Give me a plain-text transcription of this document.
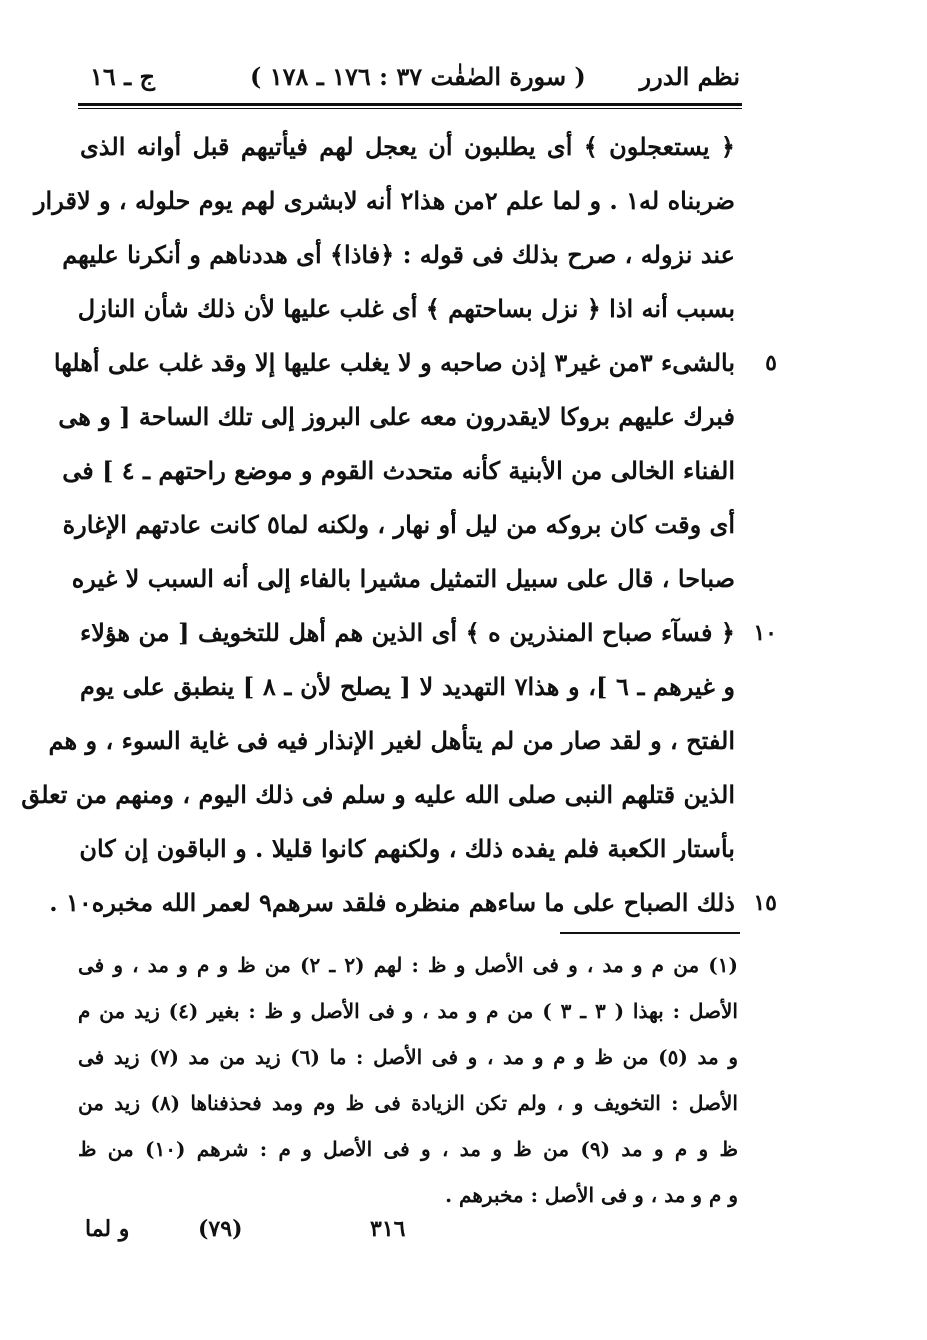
نظم الدرر
( سورة الصٰفٰت ٣٧ : ١٧٦ ـ ١٧٨ )
ج ـ ١٦
﴿ يستعجلون ﴾ أى يطلبون أن يعجل لهم فيأتيهم قبل أوانه الذى
ضربناه له١ . و لما علم ٢من هذا٢ أنه لابشرى لهم يوم حلوله ، و لاقرار
عند نزوله ، صرح بذلك فى قوله : ﴿فاذا﴾ أى هددناهم و أنكرنا عليهم
بسبب أنه اذا ﴿ نزل بساحتهم ﴾ أى غلب عليها لأن ذلك شأن النازل
بالشىء ٣من غير٣ إذن صاحبه و لا يغلب عليها إلا وقد غلب على أهلها ٥
فبرك عليهم بروكا لايقدرون معه على البروز إلى تلك الساحة [ و هى
الفناء الخالى من الأبنية كأنه متحدث القوم و موضع راحتهم ـ ٤ ] فى
أى وقت كان بروكه من ليل أو نهار ، ولكنه لما٥ كانت عادتهم الإغارة
صباحا ، قال على سبيل التمثيل مشيرا بالفاء إلى أنه السبب لا غيره
﴿ فسآء صباح المنذرين ه ﴾ أى الذين هم أهل للتخويف [ من هؤلاء ١٠
و غيرهم ـ ٦ ]، و هذا٧ التهديد لا [ يصلح لأن ـ ٨ ] ينطبق على يوم
الفتح ، و لقد صار من لم يتأهل لغير الإنذار فيه فى غاية السوء ، و هم
الذين قتلهم النبى صلى الله عليه و سلم فى ذلك اليوم ، ومنهم من تعلق
بأستار الكعبة فلم يفده ذلك ، ولكنهم كانوا قليلا . و الباقون إن كان
ذلك الصباح على ما ساءهم منظره فلقد سرهم٩ لعمر الله مخبره١٠ . ١٥
(١) من م و مد ، و فى الأصل و ظ : لهم (٢ ـ ٢) من ظ و م و مد ، و فى
الأصل : بهذا ( ٣ ـ ٣ ) من م و مد ، و فى الأصل و ظ : بغير (٤) زيد من م
و مد (٥) من ظ و م و مد ، و فى الأصل : ما (٦) زيد من مد (٧) زيد فى
الأصل : التخويف و ، ولم تكن الزيادة فى ظ وم ومد فحذفناها (٨) زيد من
ظ و م و مد (٩) من ظ و مد ، و فى الأصل و م : شرهم (١٠) من ظ
و م و مد ، و فى الأصل : مخبرهم .
٣١٦
(٧٩)
و لما
